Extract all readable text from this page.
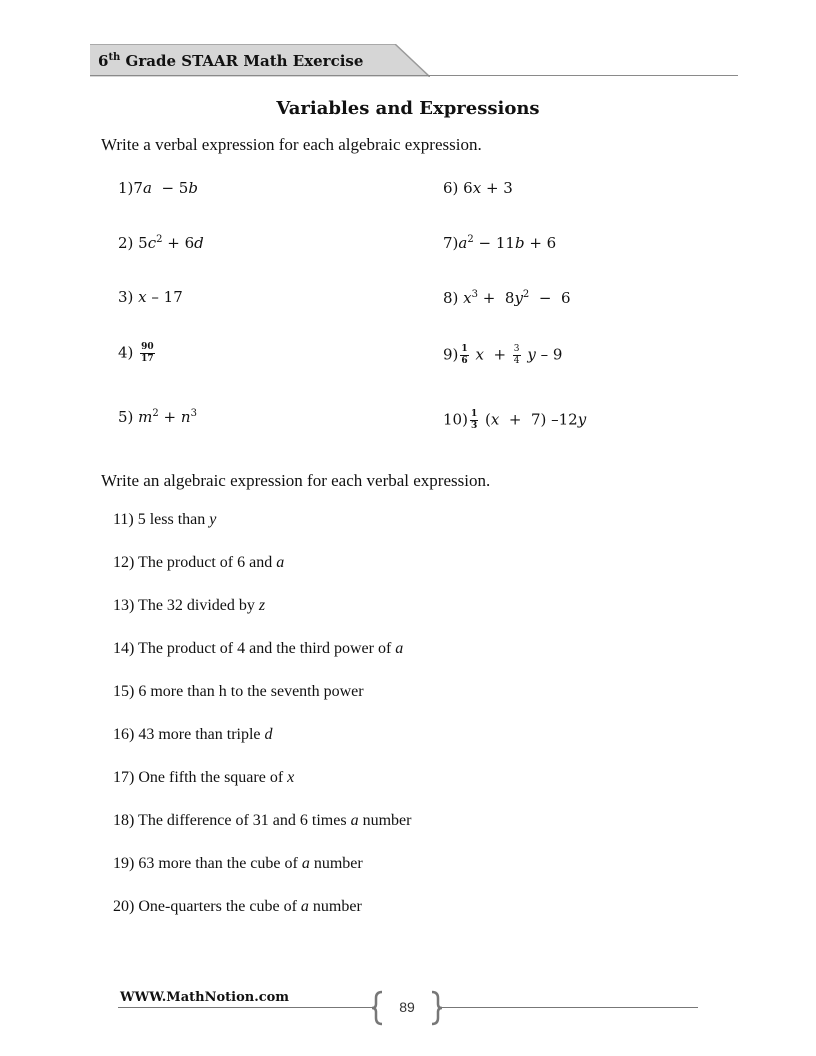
6th Grade STAAR Math Exercise
Variables and Expressions
Write a verbal expression for each algebraic expression.
1)7a  − 5b	6) 6x + 3
2) $5c^2 + 6d$	$7)a^2 - 11b + 6$
3) x – 17	8) $x^3 + 8y^2 - 6$
$4) \frac{90}{17}$	$9) \frac{1}{6}$ $x + \frac{3}{4}$ y – 9
5) $m^2 + n^3$	$10) \frac{1}{3} (x + 7)$ –12y
Write an algebraic expression for each verbal expression.
11) 5 less than y
12) The product of 6 and a
13) The 32 divided by z
14) The product of 4 and the third power of a
15) 6 more than h to the seventh power
16) 43 more than triple d
17) One fifth the square of x
18) The difference of 31 and 6 times a number
19) 63 more than the cube of a number
20) One-quarters the cube of a number
WWW.MathNotion.com
89
